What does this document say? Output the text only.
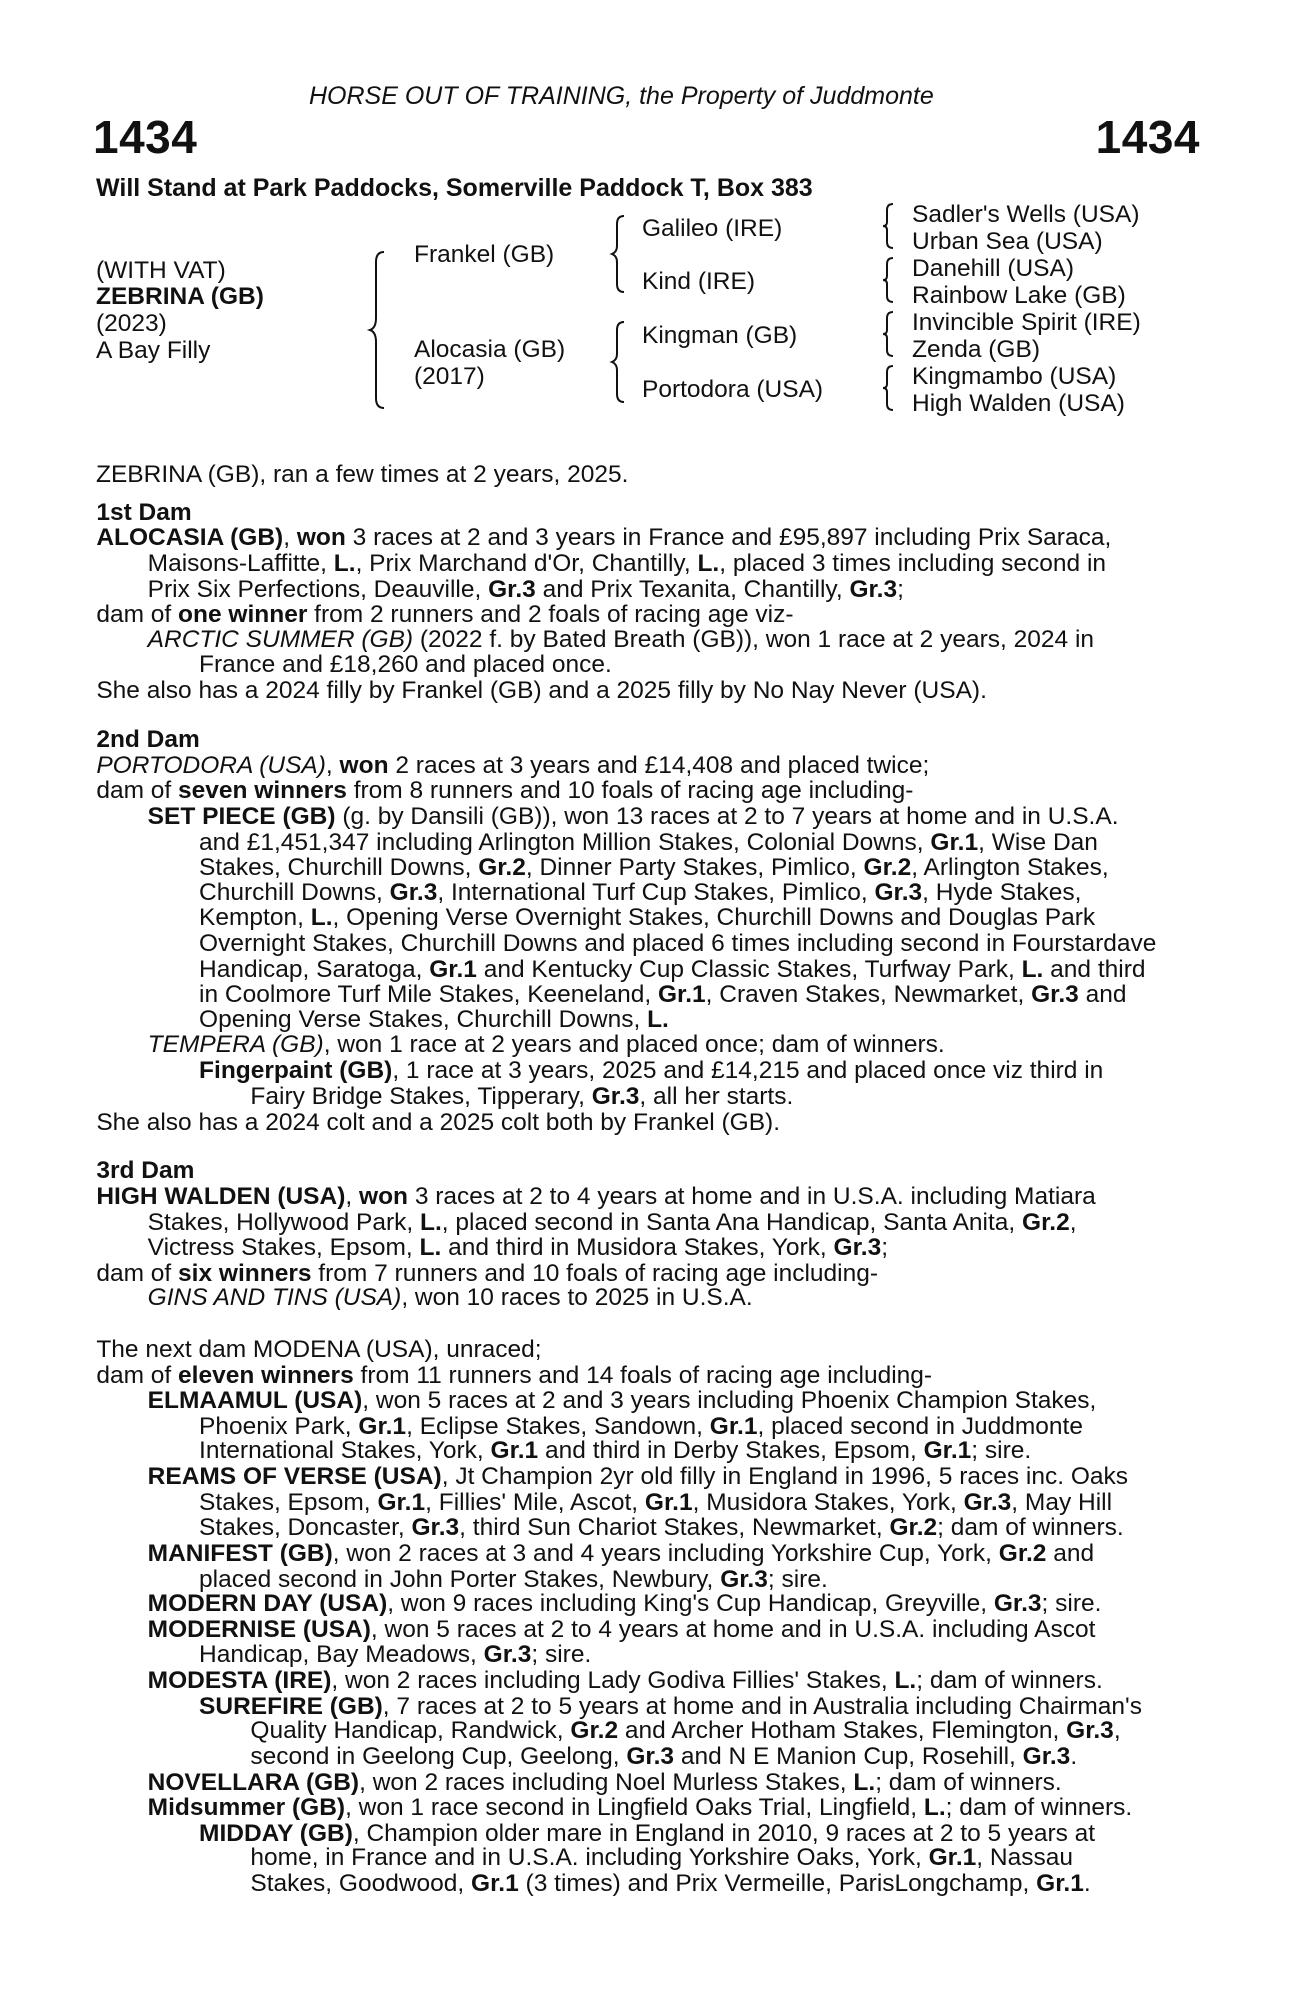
HORSE OUT OF TRAINING, the Property of Juddmonte
1434	1434
Will Stand at Park Paddocks, Somerville Paddock T, Box 383
(WITH VAT)
ZEBRINA (GB)
(2023)
A Bay Filly
Frankel (GB)
Alocasia (GB)
(2017)
Galileo (IRE)
Kind (IRE)
Kingman (GB)
Portodora (USA)
Sadler's Wells (USA)
Urban Sea (USA)
Danehill (USA)
Rainbow Lake (GB)
Invincible Spirit (IRE)
Zenda (GB)
Kingmambo (USA)
High Walden (USA)
ZEBRINA (GB), ran a few times at 2 years, 2025.
1st Dam
ALOCASIA (GB), won 3 races at 2 and 3 years in France and £95,897 including Prix Saraca,
Maisons-Laffitte, L., Prix Marchand d'Or, Chantilly, L., placed 3 times including second in
Prix Six Perfections, Deauville, Gr.3 and Prix Texanita, Chantilly, Gr.3;
dam of one winner from 2 runners and 2 foals of racing age viz-
ARCTIC SUMMER (GB) (2022 f. by Bated Breath (GB)), won 1 race at 2 years, 2024 in
France and £18,260 and placed once.
She also has a 2024 filly by Frankel (GB) and a 2025 filly by No Nay Never (USA).
2nd Dam
PORTODORA (USA), won 2 races at 3 years and £14,408 and placed twice;
dam of seven winners from 8 runners and 10 foals of racing age including-
SET PIECE (GB) (g. by Dansili (GB)), won 13 races at 2 to 7 years at home and in U.S.A.
and £1,451,347 including Arlington Million Stakes, Colonial Downs, Gr.1, Wise Dan
Stakes, Churchill Downs, Gr.2, Dinner Party Stakes, Pimlico, Gr.2, Arlington Stakes,
Churchill Downs, Gr.3, International Turf Cup Stakes, Pimlico, Gr.3, Hyde Stakes,
Kempton, L., Opening Verse Overnight Stakes, Churchill Downs and Douglas Park
Overnight Stakes, Churchill Downs and placed 6 times including second in Fourstardave
Handicap, Saratoga, Gr.1 and Kentucky Cup Classic Stakes, Turfway Park, L. and third
in Coolmore Turf Mile Stakes, Keeneland, Gr.1, Craven Stakes, Newmarket, Gr.3 and
Opening Verse Stakes, Churchill Downs, L.
TEMPERA (GB), won 1 race at 2 years and placed once; dam of winners.
Fingerpaint (GB), 1 race at 3 years, 2025 and £14,215 and placed once viz third in
Fairy Bridge Stakes, Tipperary, Gr.3, all her starts.
She also has a 2024 colt and a 2025 colt both by Frankel (GB).
3rd Dam
HIGH WALDEN (USA), won 3 races at 2 to 4 years at home and in U.S.A. including Matiara
Stakes, Hollywood Park, L., placed second in Santa Ana Handicap, Santa Anita, Gr.2,
Victress Stakes, Epsom, L. and third in Musidora Stakes, York, Gr.3;
dam of six winners from 7 runners and 10 foals of racing age including-
GINS AND TINS (USA), won 10 races to 2025 in U.S.A.
The next dam MODENA (USA), unraced;
dam of eleven winners from 11 runners and 14 foals of racing age including-
ELMAAMUL (USA), won 5 races at 2 and 3 years including Phoenix Champion Stakes,
Phoenix Park, Gr.1, Eclipse Stakes, Sandown, Gr.1, placed second in Juddmonte
International Stakes, York, Gr.1 and third in Derby Stakes, Epsom, Gr.1; sire.
REAMS OF VERSE (USA), Jt Champion 2yr old filly in England in 1996, 5 races inc. Oaks
Stakes, Epsom, Gr.1, Fillies' Mile, Ascot, Gr.1, Musidora Stakes, York, Gr.3, May Hill
Stakes, Doncaster, Gr.3, third Sun Chariot Stakes, Newmarket, Gr.2; dam of winners.
MANIFEST (GB), won 2 races at 3 and 4 years including Yorkshire Cup, York, Gr.2 and
placed second in John Porter Stakes, Newbury, Gr.3; sire.
MODERN DAY (USA), won 9 races including King's Cup Handicap, Greyville, Gr.3; sire.
MODERNISE (USA), won 5 races at 2 to 4 years at home and in U.S.A. including Ascot
Handicap, Bay Meadows, Gr.3; sire.
MODESTA (IRE), won 2 races including Lady Godiva Fillies' Stakes, L.; dam of winners.
SUREFIRE (GB), 7 races at 2 to 5 years at home and in Australia including Chairman's
Quality Handicap, Randwick, Gr.2 and Archer Hotham Stakes, Flemington, Gr.3,
second in Geelong Cup, Geelong, Gr.3 and N E Manion Cup, Rosehill, Gr.3.
NOVELLARA (GB), won 2 races including Noel Murless Stakes, L.; dam of winners.
Midsummer (GB), won 1 race second in Lingfield Oaks Trial, Lingfield, L.; dam of winners.
MIDDAY (GB), Champion older mare in England in 2010, 9 races at 2 to 5 years at
home, in France and in U.S.A. including Yorkshire Oaks, York, Gr.1, Nassau
Stakes, Goodwood, Gr.1 (3 times) and Prix Vermeille, ParisLongchamp, Gr.1.
